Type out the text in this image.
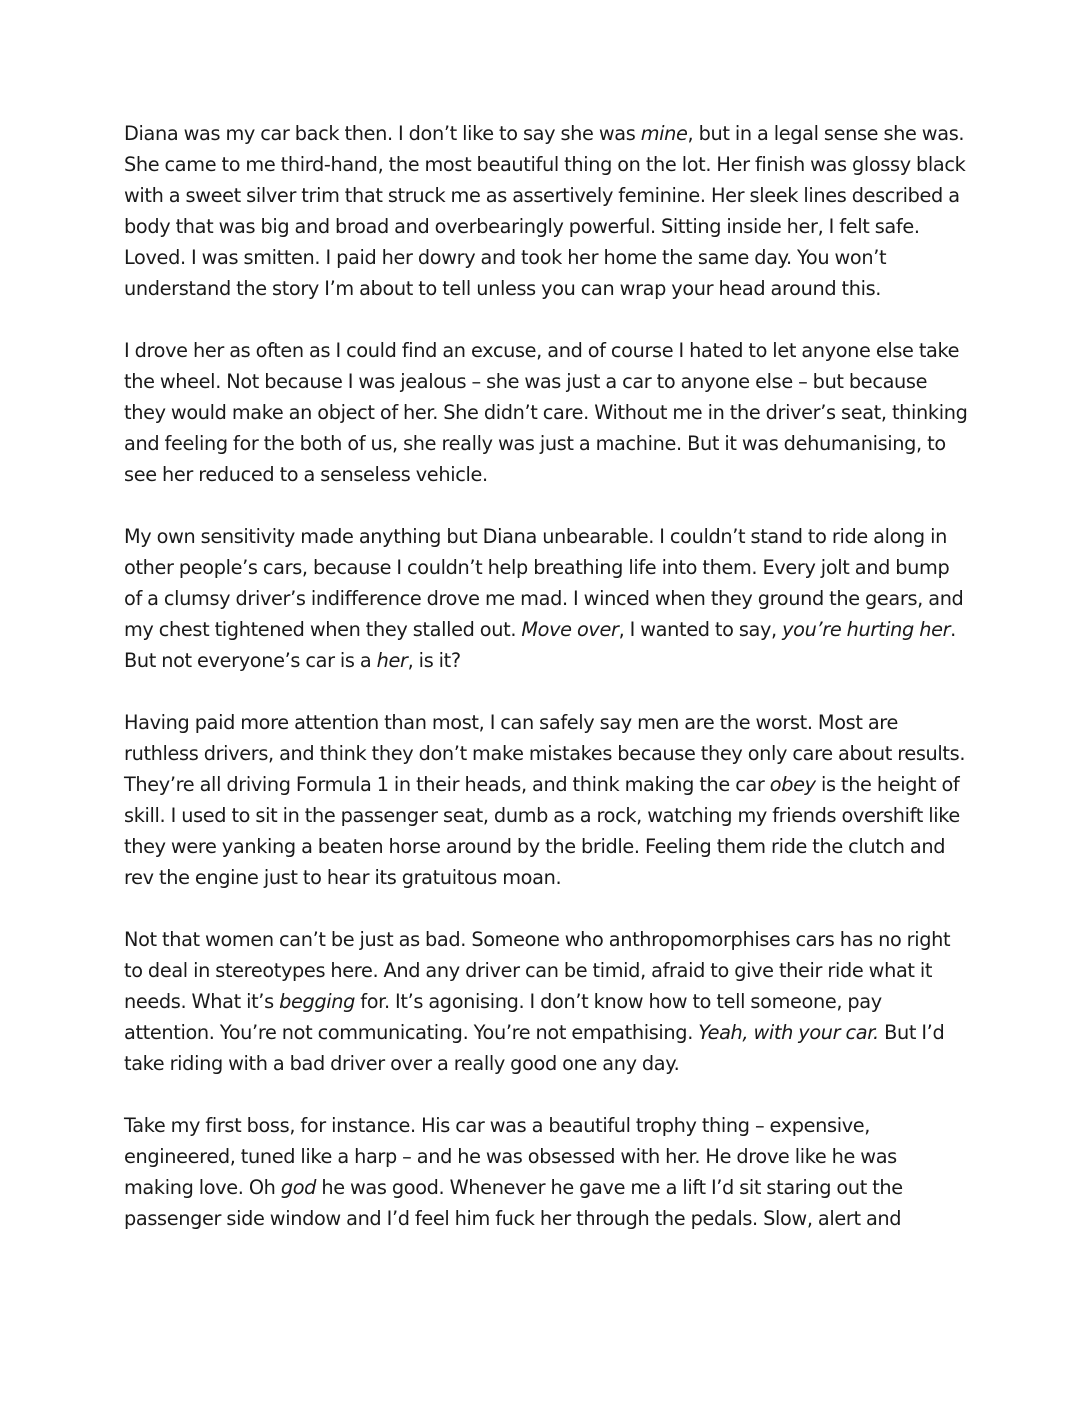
Diana was my car back then. I don’t like to say she was mine, but in a legal sense she was. She came to me third-hand, the most beautiful thing on the lot. Her finish was glossy black with a sweet silver trim that struck me as assertively feminine. Her sleek lines described a body that was big and broad and overbearingly powerful. Sitting inside her, I felt safe. Loved. I was smitten. I paid her dowry and took her home the same day. You won’t understand the story I’m about to tell unless you can wrap your head around this.

I drove her as often as I could find an excuse, and of course I hated to let anyone else take the wheel. Not because I was jealous – she was just a car to anyone else – but because they would make an object of her. She didn’t care. Without me in the driver’s seat, thinking and feeling for the both of us, she really was just a machine. But it was dehumanising, to see her reduced to a senseless vehicle.

My own sensitivity made anything but Diana unbearable. I couldn’t stand to ride along in other people’s cars, because I couldn’t help breathing life into them. Every jolt and bump of a clumsy driver’s indifference drove me mad. I winced when they ground the gears, and my chest tightened when they stalled out. Move over, I wanted to say, you’re hurting her. But not everyone’s car is a her, is it?

Having paid more attention than most, I can safely say men are the worst. Most are ruthless drivers, and think they don’t make mistakes because they only care about results. They’re all driving Formula 1 in their heads, and think making the car obey is the height of skill. I used to sit in the passenger seat, dumb as a rock, watching my friends overshift like they were yanking a beaten horse around by the bridle. Feeling them ride the clutch and rev the engine just to hear its gratuitous moan.

Not that women can’t be just as bad. Someone who anthropomorphises cars has no right to deal in stereotypes here. And any driver can be timid, afraid to give their ride what it needs. What it’s begging for. It’s agonising. I don’t know how to tell someone, pay attention. You’re not communicating. You’re not empathising. Yeah, with your car. But I’d take riding with a bad driver over a really good one any day.

Take my first boss, for instance. His car was a beautiful trophy thing – expensive, engineered, tuned like a harp – and he was obsessed with her. He drove like he was making love. Oh god he was good. Whenever he gave me a lift I’d sit staring out the passenger side window and I’d feel him fuck her through the pedals. Slow, alert and
